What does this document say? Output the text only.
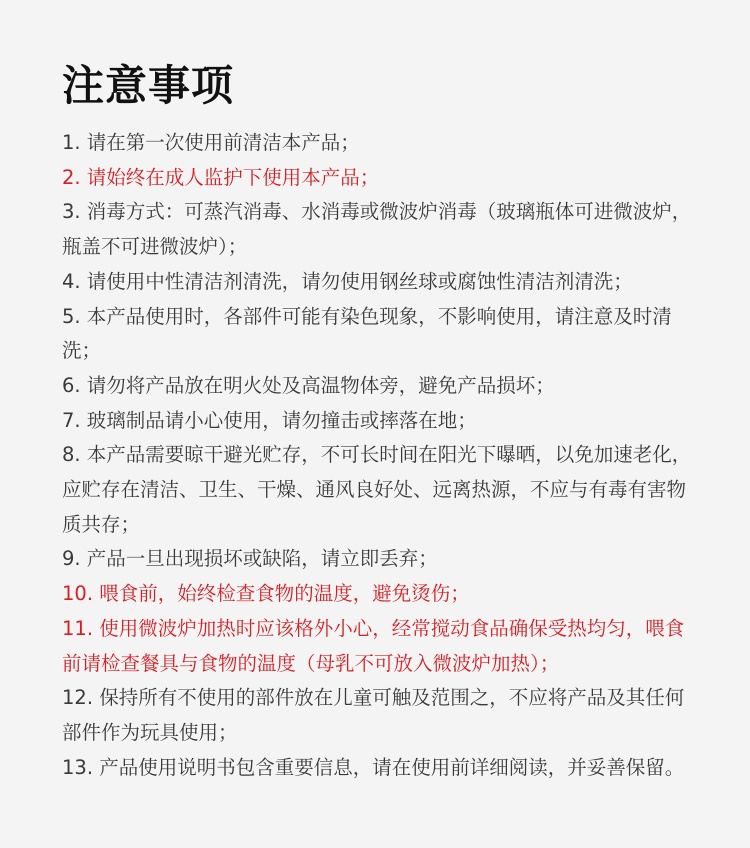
注意事项
1. 请在第一次使用前清洁本产品；
2. 请始终在成人监护下使用本产品；
3. 消毒方式：可蒸汽消毒、水消毒或微波炉消毒（玻璃瓶体可进微波炉，瓶盖不可进微波炉）；
4. 请使用中性清洁剂清洗，请勿使用钢丝球或腐蚀性清洁剂清洗；
5. 本产品使用时，各部件可能有染色现象，不影响使用，请注意及时清洗；
6. 请勿将产品放在明火处及高温物体旁，避免产品损坏；
7. 玻璃制品请小心使用，请勿撞击或摔落在地；
8. 本产品需要晾干避光贮存，不可长时间在阳光下曝晒，以免加速老化，应贮存在清洁、卫生、干燥、通风良好处、远离热源，不应与有毒有害物质共存；
9. 产品一旦出现损坏或缺陷，请立即丢弃；
10. 喂食前，始终检查食物的温度，避免烫伤；
11. 使用微波炉加热时应该格外小心，经常搅动食品确保受热均匀，喂食前请检查餐具与食物的温度（母乳不可放入微波炉加热）；
12. 保持所有不使用的部件放在儿童可触及范围之，不应将产品及其任何部件作为玩具使用；
13. 产品使用说明书包含重要信息，请在使用前详细阅读，并妥善保留。
